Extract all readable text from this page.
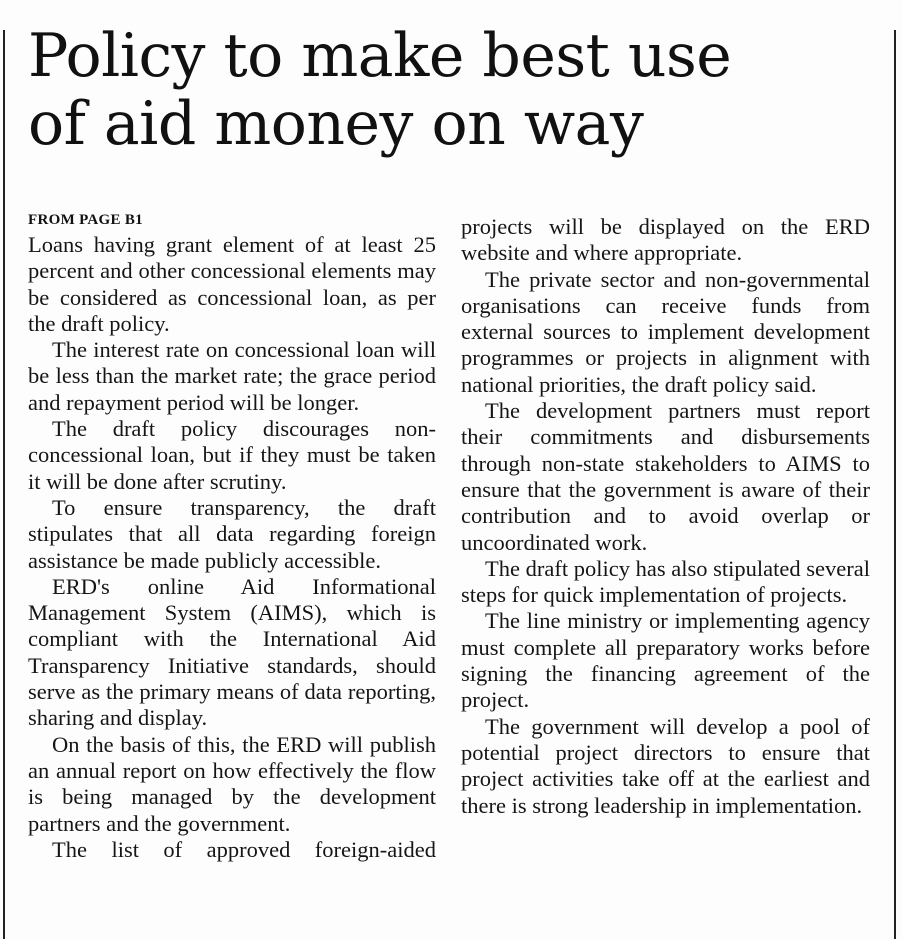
Policy to make best use
of aid money on way
FROM PAGE B1

Loans having grant element of at least 25 percent and other concessional elements may be considered as concessional loan, as per the draft policy.

The interest rate on concessional loan will be less than the market rate; the grace period and repayment period will be longer.

The draft policy discourages non-concessional loan, but if they must be taken it will be done after scrutiny.

To ensure transparency, the draft stipulates that all data regarding foreign assistance be made publicly accessible.

ERD's online Aid Informational Management System (AIMS), which is compliant with the International Aid Transparency Initiative standards, should serve as the primary means of data reporting, sharing and display.

On the basis of this, the ERD will publish an annual report on how effectively the flow is being managed by the development partners and the government.

The list of approved foreign-aided

projects will be displayed on the ERD website and where appropriate.

The private sector and non-governmental organisations can receive funds from external sources to implement development programmes or projects in alignment with national priorities, the draft policy said.

The development partners must report their commitments and disbursements through non-state stakeholders to AIMS to ensure that the government is aware of their contribution and to avoid overlap or uncoordinated work.

The draft policy has also stipulated several steps for quick implementation of projects.

The line ministry or implementing agency must complete all preparatory works before signing the financing agreement of the project.

The government will develop a pool of potential project directors to ensure that project activities take off at the earliest and there is strong leadership in implementation.
